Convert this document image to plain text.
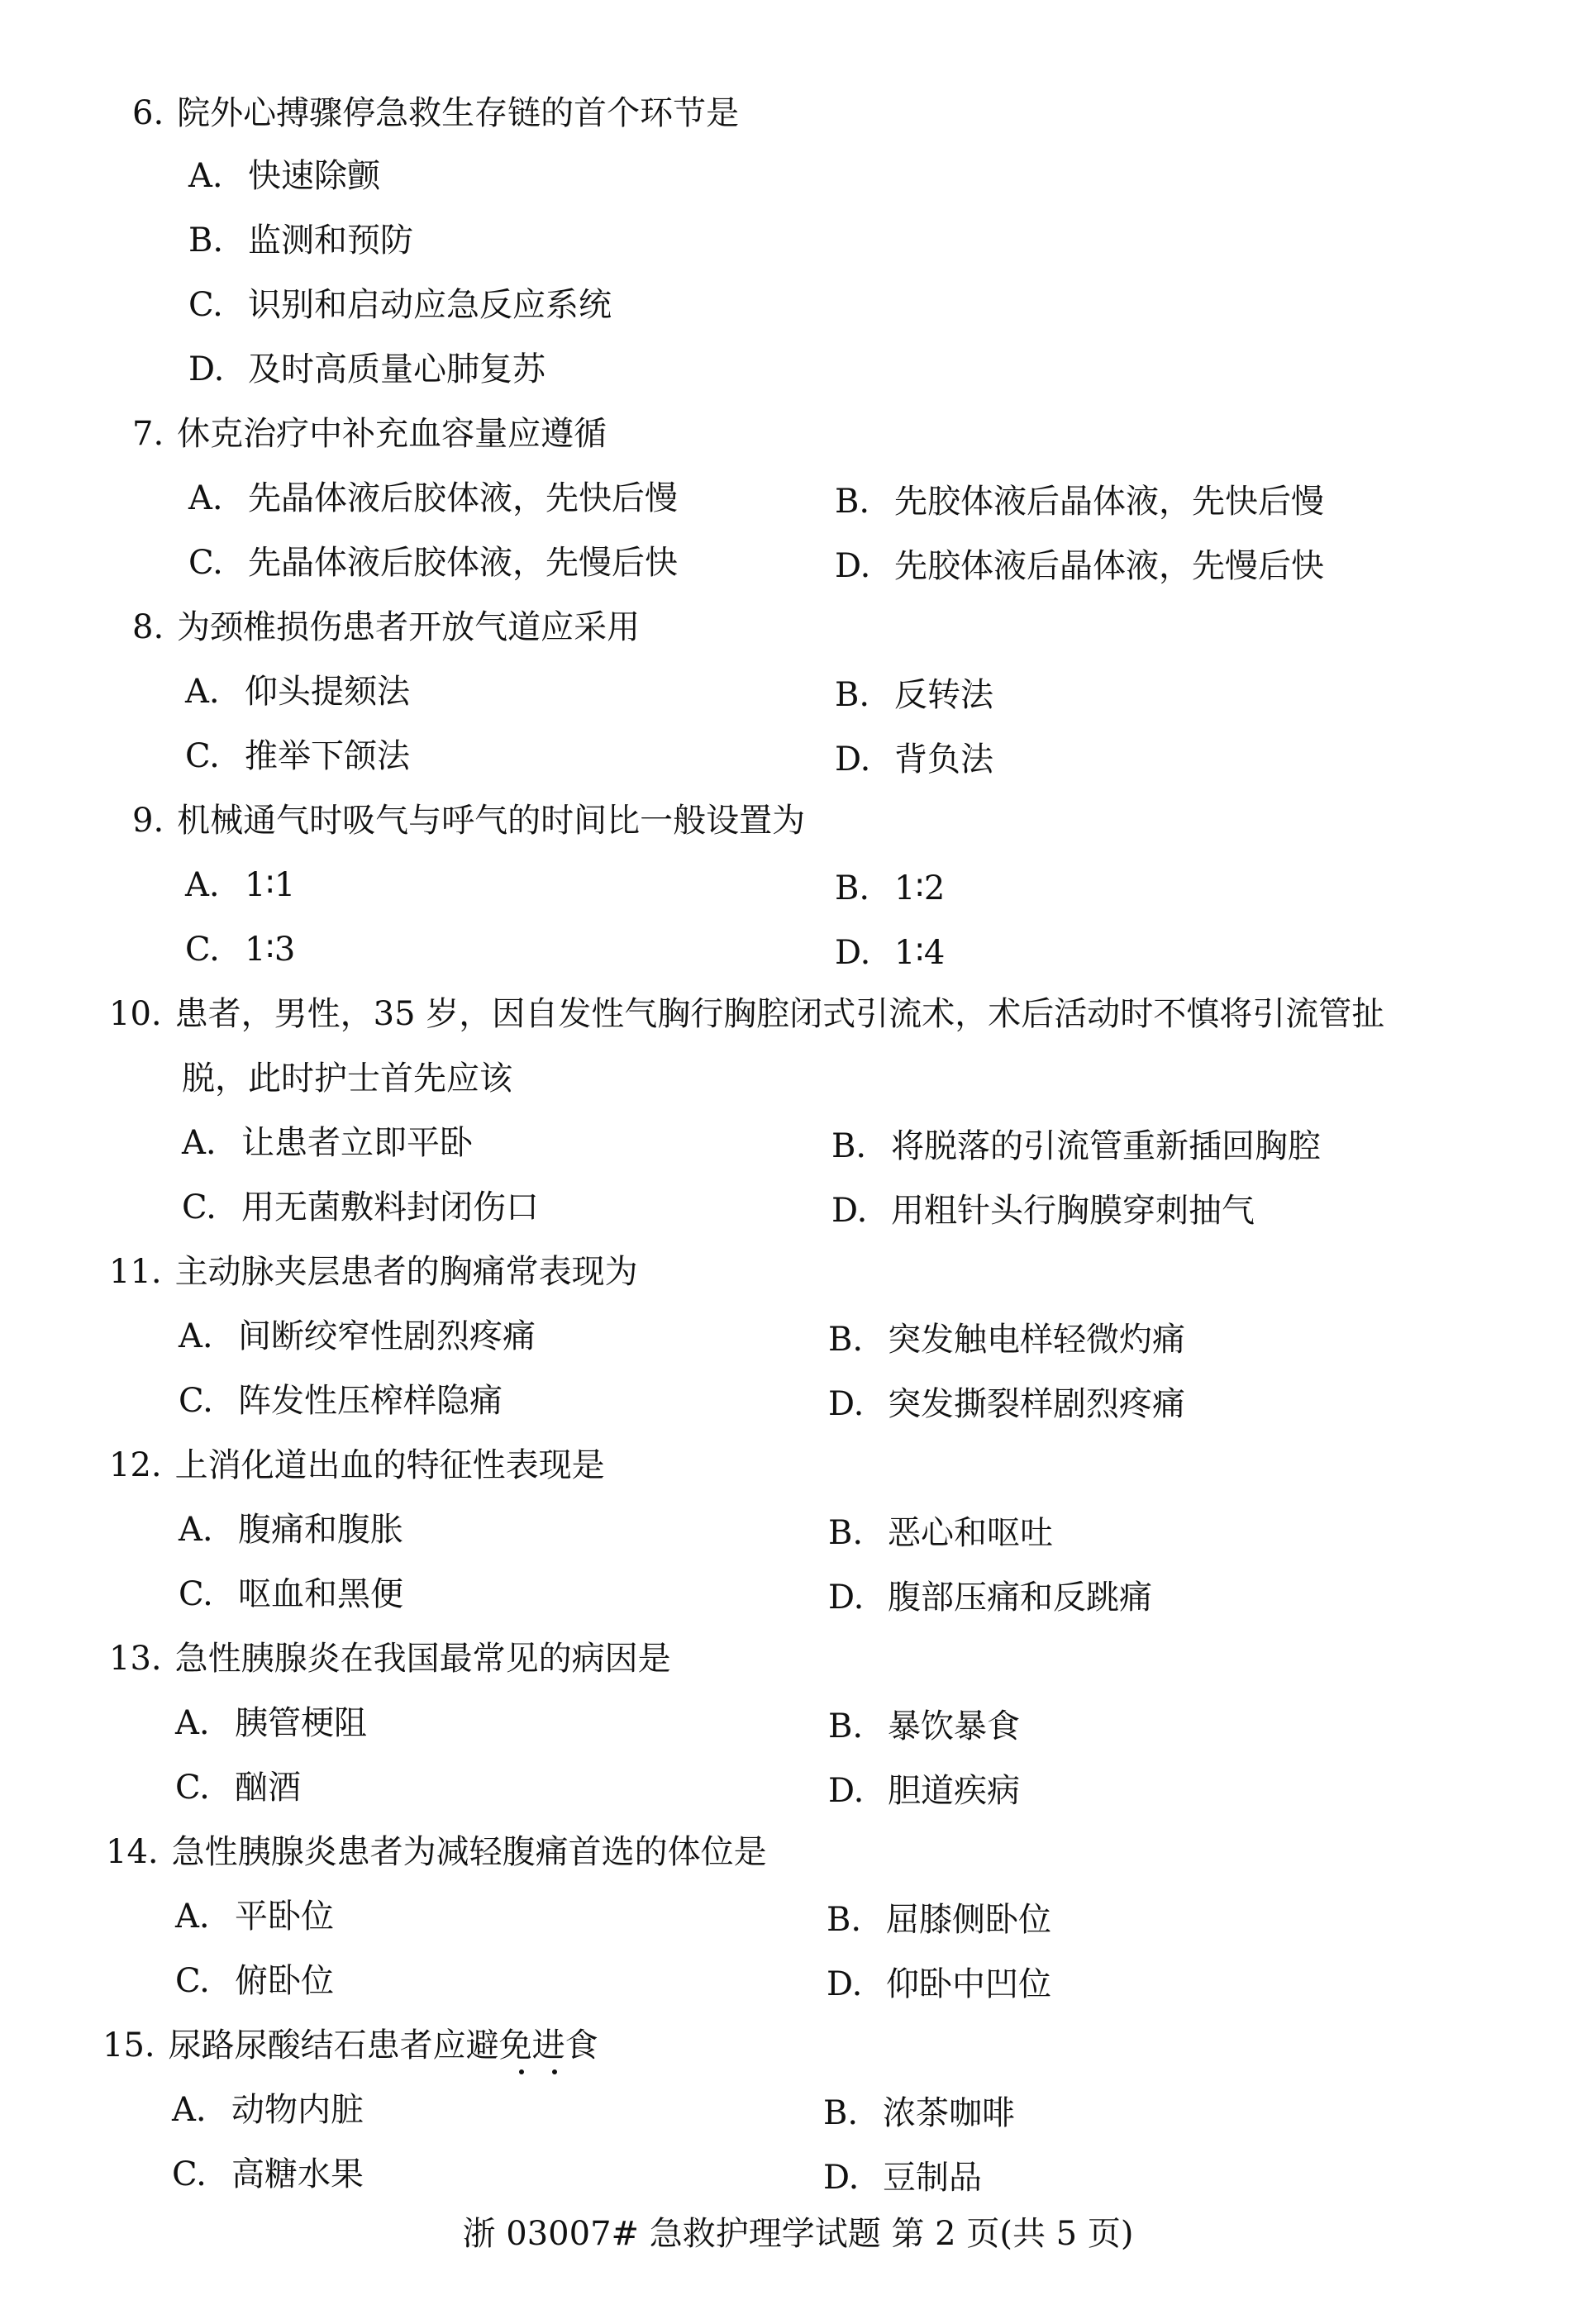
6. 院外心搏骤停急救生存链的首个环节是
A. 快速除颤
B. 监测和预防
C. 识别和启动应急反应系统
D. 及时高质量心肺复苏
7. 休克治疗中补充血容量应遵循
A. 先晶体液后胶体液，先快后慢	B. 先胶体液后晶体液，先快后慢
C. 先晶体液后胶体液，先慢后快	D. 先胶体液后晶体液，先慢后快
8. 为颈椎损伤患者开放气道应采用
A. 仰头提颏法	B. 反转法
C. 推举下颌法	D. 背负法
9. 机械通气时吸气与呼气的时间比一般设置为
A. 1∶1	B. 1∶2
C. 1∶3	D. 1∶4
10. 患者，男性，35 岁，因自发性气胸行胸腔闭式引流术，术后活动时不慎将引流管扯
脱，此时护士首先应该
A. 让患者立即平卧	B. 将脱落的引流管重新插回胸腔
C. 用无菌敷料封闭伤口	D. 用粗针头行胸膜穿刺抽气
11. 主动脉夹层患者的胸痛常表现为
A. 间断绞窄性剧烈疼痛	B. 突发触电样轻微灼痛
C. 阵发性压榨样隐痛	D. 突发撕裂样剧烈疼痛
12. 上消化道出血的特征性表现是
A. 腹痛和腹胀	B. 恶心和呕吐
C. 呕血和黑便	D. 腹部压痛和反跳痛
13. 急性胰腺炎在我国最常见的病因是
A. 胰管梗阻	B. 暴饮暴食
C. 酗酒	D. 胆道疾病
14. 急性胰腺炎患者为减轻腹痛首选的体位是
A. 平卧位	B. 屈膝侧卧位
C. 俯卧位	D. 仰卧中凹位
15. 尿路尿酸结石患者应避免进食
A. 动物内脏	B. 浓茶咖啡
C. 高糖水果	D. 豆制品
浙 03007# 急救护理学试题 第 2 页(共 5 页)
